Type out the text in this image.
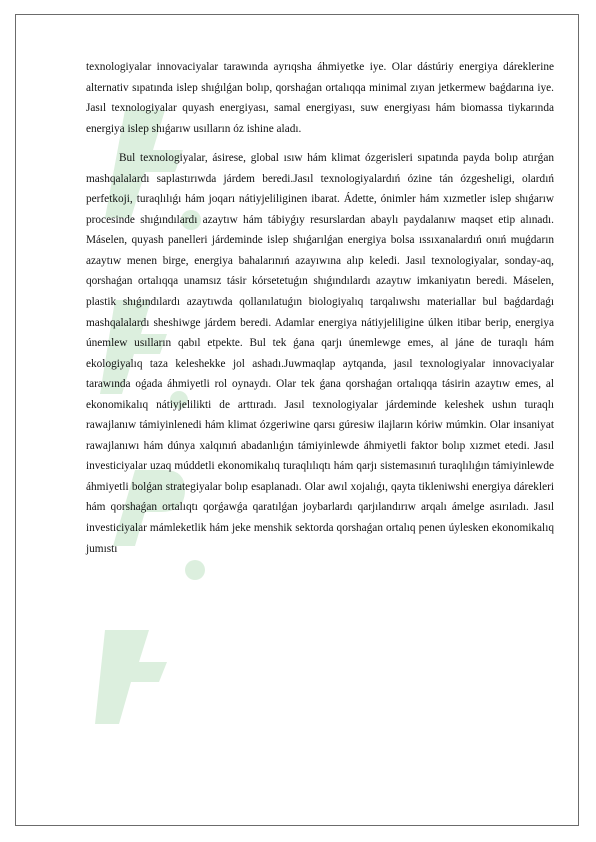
texnologiyalar innovaciyalar tarawında ayrıqsha áhmiyetke iye. Olar dástúriy energiya dáreklerine alternativ sıpatında islep shıǵılǵan bolıp, qorshaǵan ortalıqqa minimal zıyan jetkermew baǵdarına iye. Jasıl texnologiyalar quyash energiyası, samal energiyası, suw energiyası hám biomassa tiykarında energiya islep shıǵarıw usılların óz ishine aladı.

Bul texnologiyalar, ásirese, global ısıw hám klimat ózgerisleri sıpatında payda bolıp atırǵan mashqalalardı saplastırıwda járdem beredi.Jasıl texnologiyalardıń ózine tán ózgesheligi, olardıń perfetkoji, turaqlılıǵı hám joqarı nátiyjeliliginen ibarat. Ádette, ónimler hám xızmetler islep shıǵarıw procesinde shıǵındılardı azaytıw hám tábiyǵıy resurslardan abaylı paydalanıw maqset etip alınadı. Máselen, quyash panelleri járdeminde islep shıǵarılǵan energiya bolsa ıssıxanalardıń onıń muǵdarın azaytıw menen birge, energiya bahalarınıń azayıwına alıp keledi. Jasıl texnologiyalar, sonday-aq, qorshaǵan ortalıqqa unamsız tásir kórsetetuǵın shıǵındılardı azaytıw imkaniyatın beredi. Máselen, plastik shıǵındılardı azaytıwda qollanılatuǵın biologiyalıq tarqalıwshı materiallar bul baǵdardaǵı mashqalalardı sheshiwge járdem beredi. Adamlar energiya nátiyjeliligine úlken itibar berip, energiya únemlew usılların qabıl etpekte. Bul tek ǵana qarjı únemlewge emes, al jáne de turaqlı hám ekologiyalıq taza keleshekke jol ashadı.Juwmaqlap aytqanda, jasıl texnologiyalar innovaciyalar tarawında oǵada áhmiyetli rol oynaydı. Olar tek ǵana qorshaǵan ortalıqqa tásirin azaytıw emes, al ekonomikalıq nátiyjelilikti de arttıradı. Jasıl texnologiyalar járdeminde keleshek ushın turaqlı rawajlanıw támiyinlenedi hám klimat ózgeriwine qarsı gúresiw ilajların kóriw múmkin. Olar insaniyat rawajlanıwı hám dúnya xalqınıń abadanlıǵın támiyinlewde áhmiyetli faktor bolıp xızmet etedi. Jasıl investiciyalar uzaq múddetli ekonomikalıq turaqlılıqtı hám qarjı sistemasınıń turaqlılıǵın támiyinlewde áhmiyetli bolǵan strategiyalar bolıp esaplanadı. Olar awıl xojalıǵı, qayta tikleniwshi energiya dárekleri hám qorshaǵan ortalıqtı qorǵawǵa qaratılǵan joybarlardı qarjılandırıw arqalı ámelge asırıladı. Jasıl investiciyalar mámleketlik hám jeke menshik sektorda qorshaǵan ortalıq penen úylesken ekonomikalıq jumıstı
